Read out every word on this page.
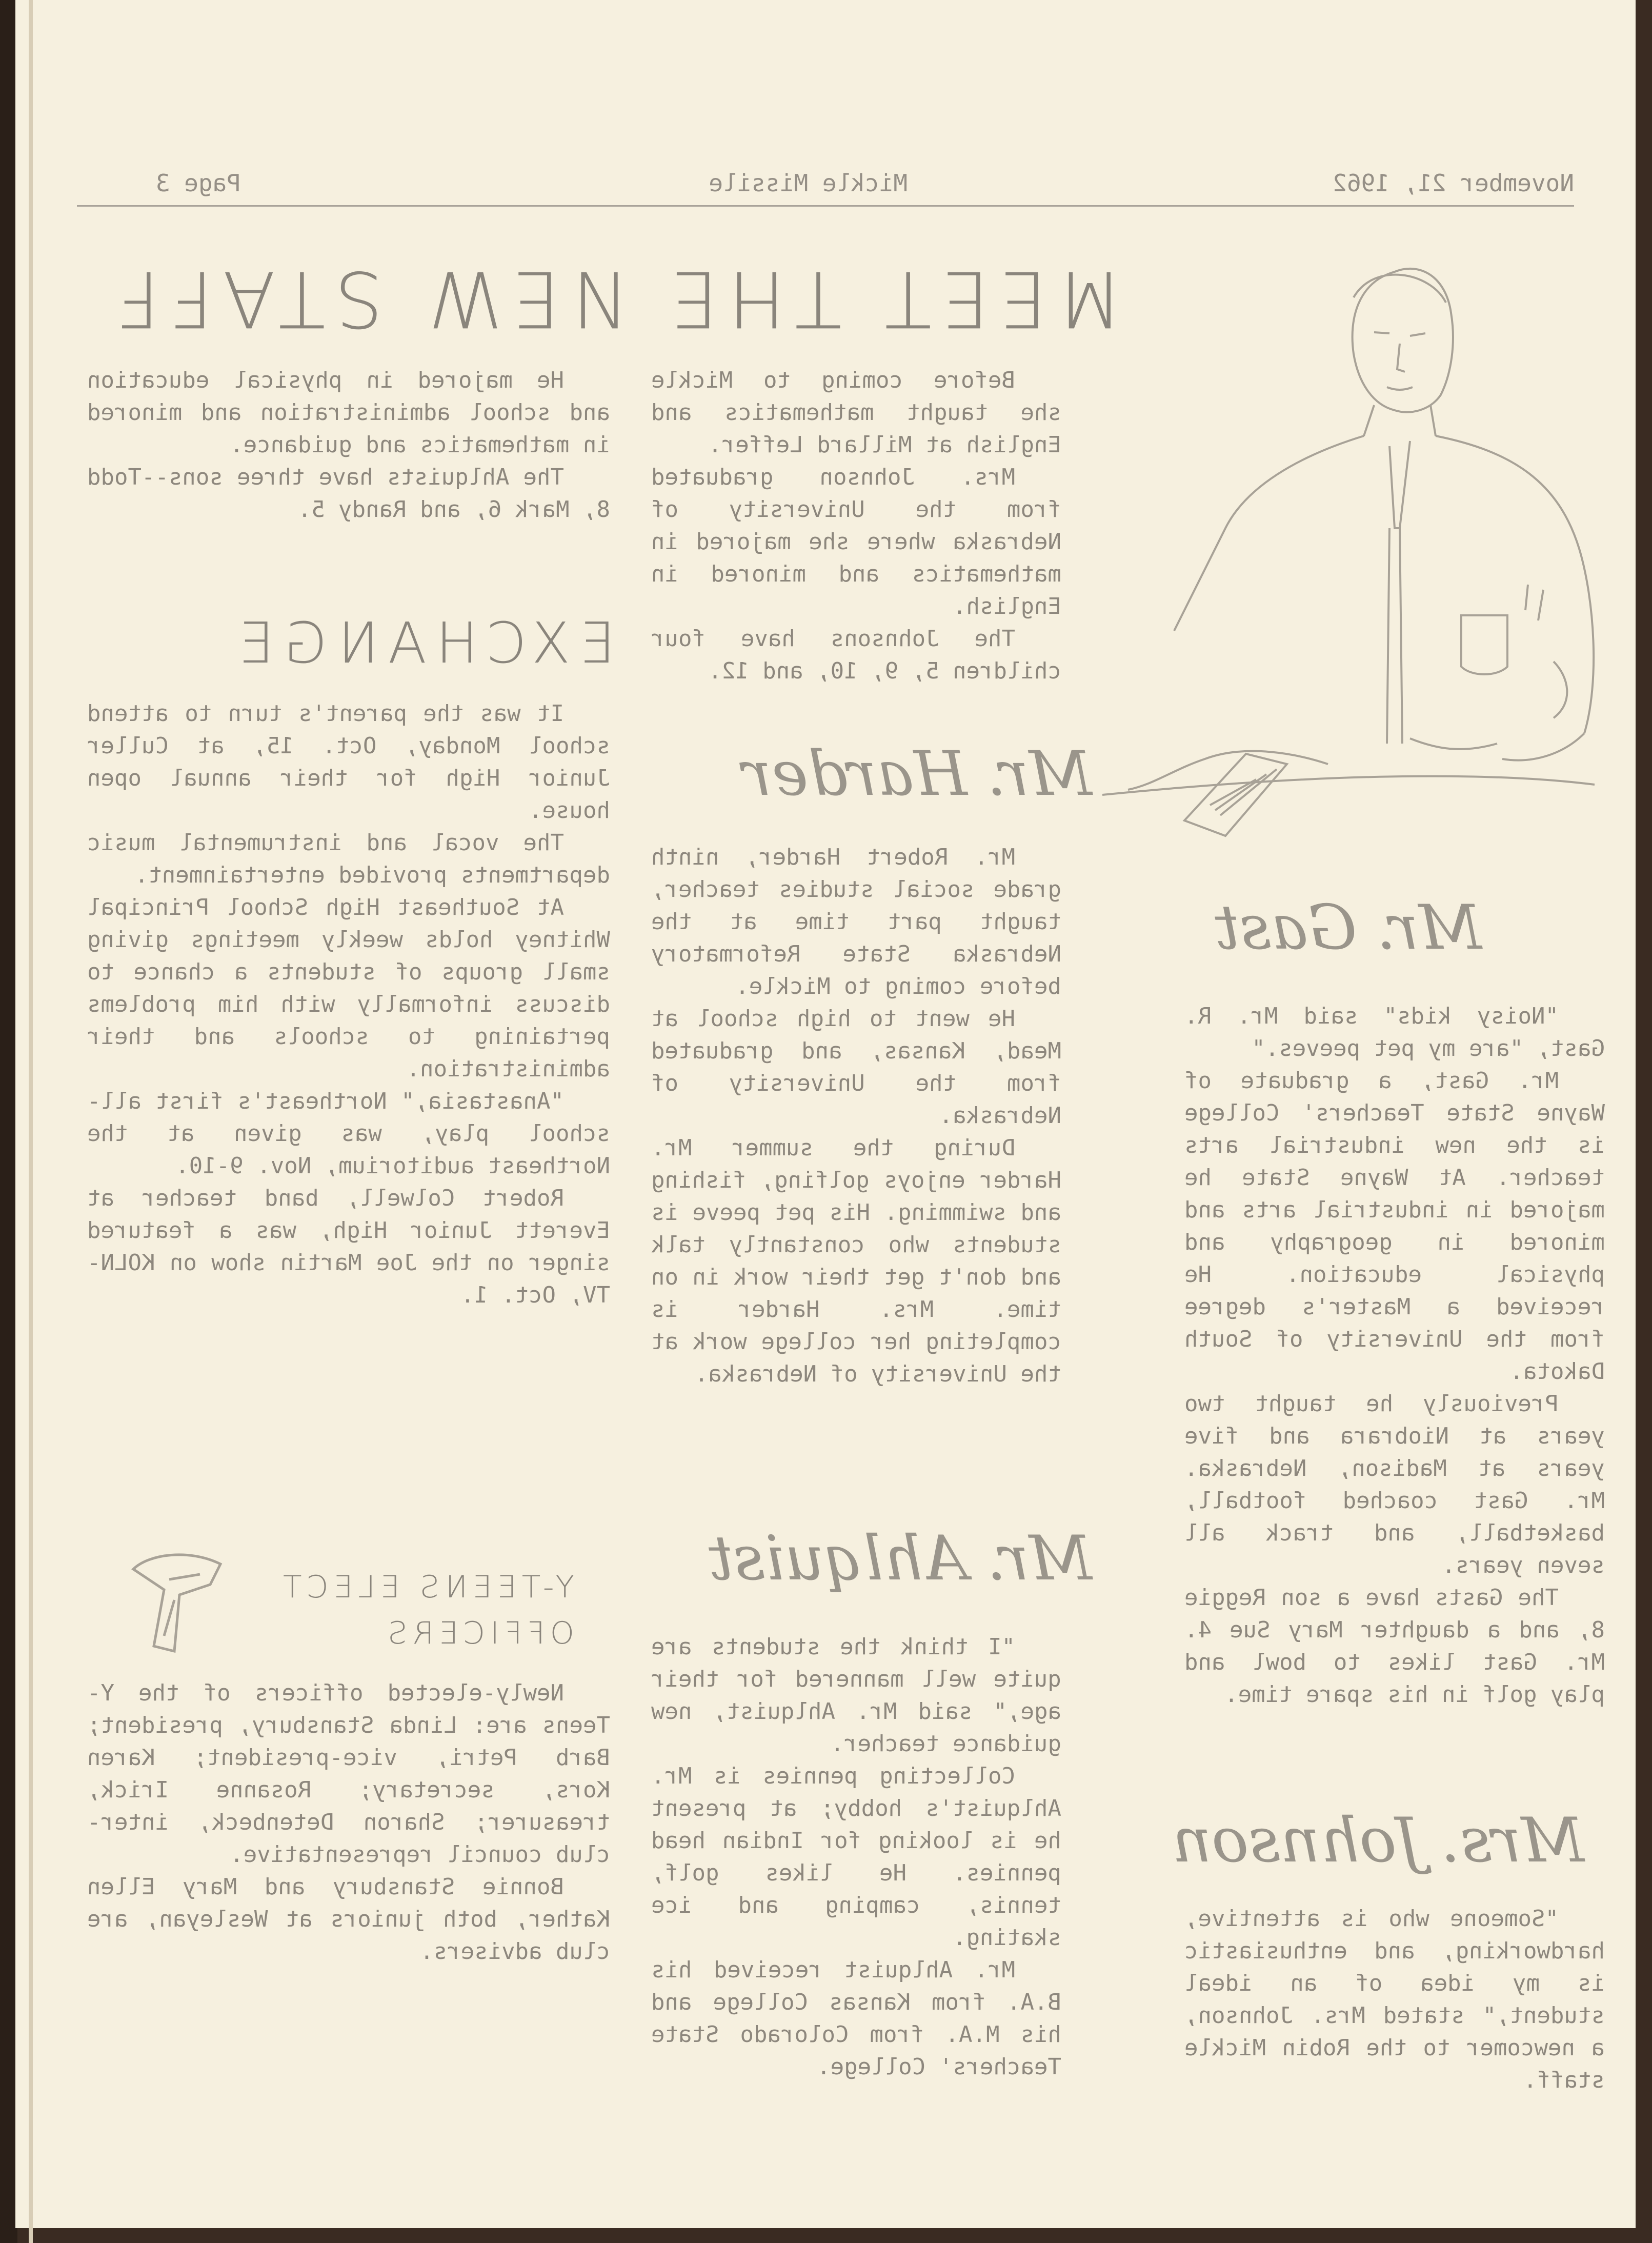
November 21, 1962
Mickle Missile
Page 3
MEET THE NEW STAFF
Mr. Gast

"Noisy kids" said Mr. R. Gast, "are my pet peeves."

Mr. Gast, a graduate of Wayne State Teachers' College is the new industrial arts teacher. At Wayne State he majored in industrial arts and minored in geography and physical education. He received a Master's degree from the University of South Dakota.

Previously he taught two years at Niobrara and five years at Madison, Nebraska. Mr. Gast coached football, basketball, and track all seven years.

The Gasts have a son Reggie 8, and a daughter Mary Sue 4. Mr. Gast likes to bowl and play golf in his spare time.

Mrs. Johnson

"Someone who is attentive, hardworking, and enthusiastic is my idea of an ideal student," stated Mrs. Johnson, a newcomer to the Robin Mickle staff.

Before coming to Mickle she taught mathematics and English at Millard Leffer.

Mrs. Johnson graduated from the University of Nebraska where she majored in mathematics and minored in English.

The Johnsons have four children 5, 9, 10, and 12.

Mr. Harder

Mr. Robert Harder, ninth grade social studies teacher, taught part time at the Nebraska State Reformatory before coming to Mickle.

He went to high school at Mead, Kansas, and graduated from the University of Nebraska.

During the summer Mr. Harder enjoys golfing, fishing and swimming. His pet peeve is students who constantly talk and don't get their work in on time. Mrs. Harder is completing her college work at the University of Nebraska.

Mr. Ahlquist

"I think the students are quite well mannered for their age," said Mr. Ahlquist, new guidance teacher.

Collecting pennies is Mr. Ahlquist's hobby; at present he is looking for Indian head pennies. He likes golf, tennis, camping and ice skating.

Mr. Ahlquist received his B.A. from Kansas College and his M.A. from Colorado State Teachers' College.

He majored in physical education and school administration and minored in mathematics and guidance.

The Ahlquists have three sons--Todd 8, Mark 6, and Randy 5.

EXCHANGE

It was the parent's turn to attend school Monday, Oct. 15, at Culler Junior High for their annual open house.

The vocal and instrumental music departments provided entertainment.

At Southeast High School Principal Whitney holds weekly meetings giving small groups of students a chance to discuss informally with him problems pertaining to schools and their administration.

"Anastasia," Northeast's first all-school play, was given at the Northeast auditorium, Nov. 9-10.

Robert Colwell, band teacher at Everett Junior High, was a featured singer on the Joe Martin show on KOLN-TV, Oct. 1.

Y-TEENS ELECT
OFFICERS

Newly-elected officers of the Y-Teens are: Linda Stansbury, president; Barb Petri, vice-president; Karen Kors, secretary; Rosanne Irick, treasurer; Sharon Detenbeck, inter-club council representative.

Bonnie Stansbury and Mary Ellen Kather, both juniors at Wesleyan, are club advisers.
